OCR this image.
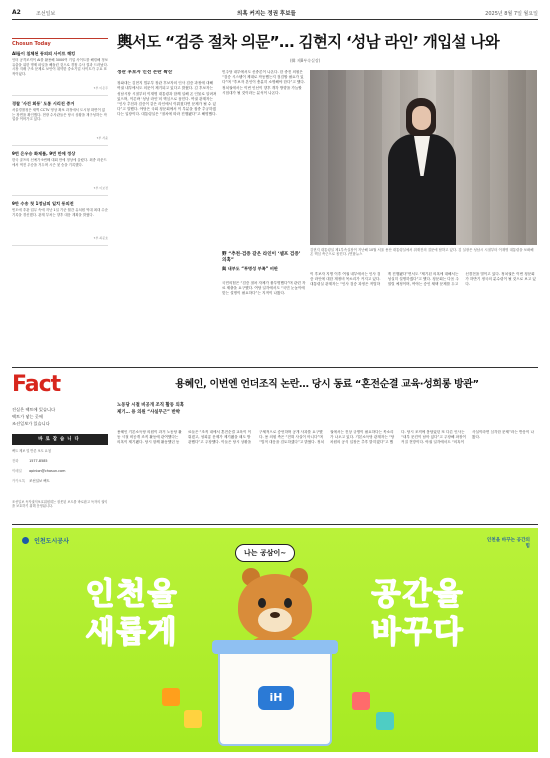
A2	조선일보	의혹 커지는 정권 후보들	2025년 8월 7일 월요일
Chosun Today
AI들이 침체된 동의의 사이트 해킹
인터 공격조직이 AI를 활용해 3000여 기업 사이트를 해킹해 정보 유출을 위한 명제 파일을 빼돌린 것으로 경찰 수사 결과 드러났다. 시장 지배 구조 문제로 보안이 취약한 중소기업 사이트가 주요 표적이었다.
7부 이은주
경찰 '사건 회동' 도롱 시리진 증거
서울경찰청은 새벽 CCTV 영상 확보 과정에서 도시형 화면이 없는 장면을 확인했다. 현장 수사관들은 당시 상황을 재구성하는 작업을 이어가고 있다.
7부 서윤
9번 은우승 화제를, 9번 만에 정상
한국 골프의 신예가 9번째 대회 만에 정상에 올랐다. 최종 라운드에서 역전 우승을 거두며 시즌 첫 승을 기록했다.
7부 이보전
9만 수송 첫 1정남의 일치 동의전
빈도에 추관 업무 속에 지난 1일 기준 월간 유치원 역대 최대 수준 기록을 경신했다. 관계 부처는 향후 대응 계획을 밝혔다.
7부 최준호
輿서도 “검증 절차 의문”… 김현지 ‘성남 라인’ 개입설 나와
(韓 제8부속실장)
정관 후보자 인선 논란 확산
청와대는 김현지 법무부 장관 후보자의 인사 검증 과정에 대해 여권 내부에서도 의문이 제기되고 있다고 밝혔다. 김 후보자는 성남시장 시절부터 이재명 대통령과 함께 일해 온 인물로 알려져 있으며, 이른바 ‘성남 라인’의 핵심으로 꼽힌다. 여권 관계자는 “인사 추천과 검증이 같은 라인에서 이뤄졌다면 문제가 될 수 있다”고 말했다. 야당은 국회 청문회에서 이 부분을 집중 추궁하겠다는 입장이다. 대통령실은 “절차에 따라 진행됐다”고 해명했다.
민주당 내부에서도 신중론이 나온다. 한 중진 의원은 “검증 시스템이 제대로 작동했는지 점검할 필요가 있다”며 “후보자 본인이 충분히 소명해야 한다”고 했다. 정치권에서는 이번 인선이 향후 개각 방향을 가늠할 시험대가 될 것이라는 분석이 나온다.
김현지 대통령실 제1부속실장이 지난해 10월 서울 용산 대통령실에서 취재진의 질문에 답하고 있다. 김 실장은 성남시 시절부터 이재명 대통령을 보좌해 온 핵심 측근으로 꼽힌다. /연합뉴스
野 “추천·검증 같은 라인이 ‘셀프 검증’ 의혹”
與 내부도 “투명성 부족” 비판
국민의힘은 “검증 절차 자체가 불투명했다”며 관련 자료 제출을 요구했다. 여당 일각에서도 “국민 눈높이에 맞는 설명이 필요하다”는 지적이 나왔다.
이 후보자 지명 이후 여권 내부에서는 인사 검증 라인에 대한 재정비 목소리가 커지고 있다. 대통령실 관계자는 “인사 검증 과정은 적법하게 진행됐다”면서도 “제기된 의혹에 대해서는 성실히 설명하겠다”고 했다. 청문회는 다음 주 열릴 예정이며, 여야는 증인 채택 문제를 두고 신경전을 벌이고 있다. 정치권은 이번 청문회가 하반기 정국의 분수령이 될 것으로 보고 있다.
Fact
진실은 팩트에 있습니다
팩트가 닿는 곳에
조선일보가 있습니다
바로잡습니다
팩트 제보 및 반론 보도 요청
전화	1577-8585
이메일 opinion@chosun.com
카카오톡 조선일보 팩트
조선일보 독자권익보호위원회는 잘못된 보도를 바로잡고 독자의 권익을 보호하기 위해 운영됩니다.
용혜인, 이번엔 언더조직 논란… 당시 동료 “혼전순결 교육·성희롱 방관”
노동당 시절 비공개 조직 활동 의혹 제기… 용 의원 “사실무근” 반박
용혜인 기본소득당 의원이 과거 노동당 활동 시절 비공개 조직 활동에 관여했다는 의혹이 제기됐다. 당시 함께 활동했던 동료들은 “조직 내에서 혼전순결 교육이 이뤄졌고, 성희롱 문제가 제기됐을 때도 방관했다”고 주장했다. 이들은 당시 상황을 구체적으로 증언하며 공개 사과를 요구했다. 용 의원 측은 “전혀 사실이 아니다”며 “법적 대응을 검토하겠다”고 밝혔다. 정치권에서는 진상 규명이 필요하다는 목소리가 나오고 있다. 기본소득당 관계자는 “당 차원의 공식 입장은 추후 밝히겠다”고 했다. 당시 조직에 몸담았던 또 다른 인사는 “내부 문건이 남아 있다”고 주장해 파장이 커질 전망이다. 야권 일각에서도 “의혹이 사실이라면 심각한 문제”라는 반응이 나왔다.
인천도시공사	인천을 바꾸는 공간의 힘
인천을
새롭게
공간을
바꾸다
나는 공삼이~
iH
